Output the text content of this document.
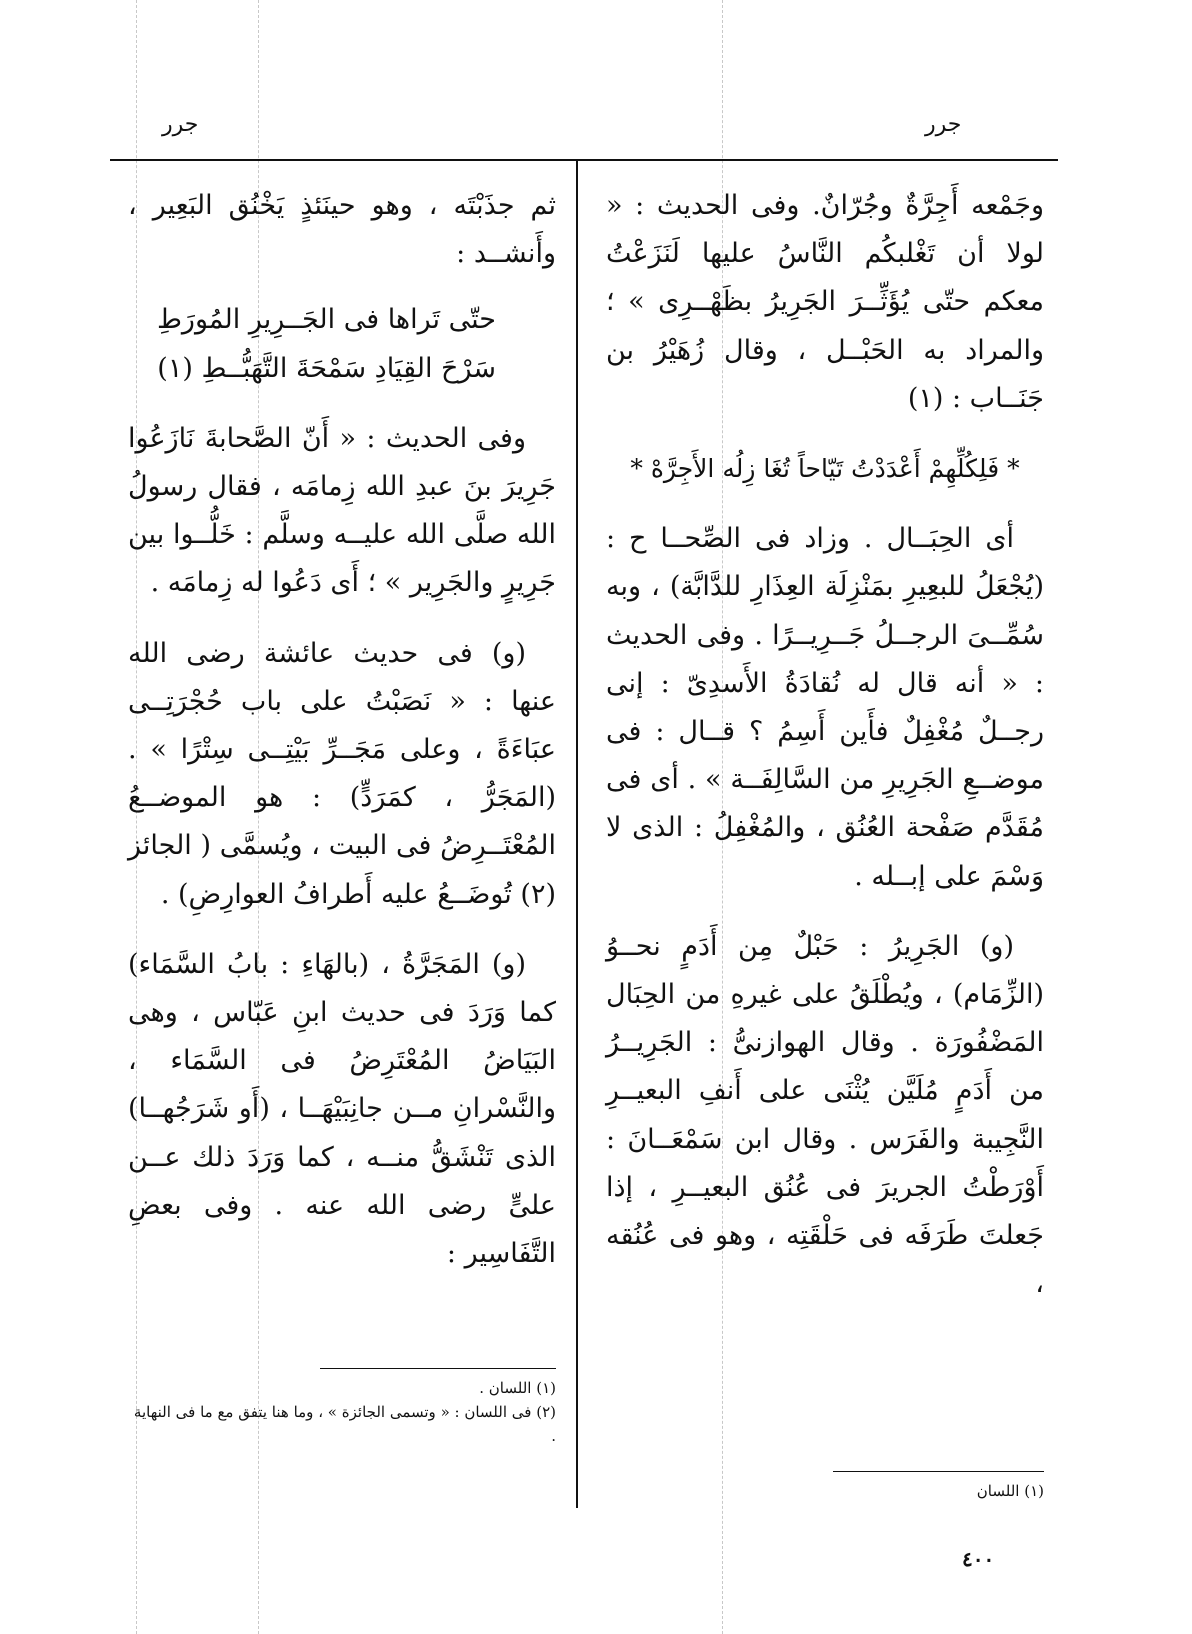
جرر
جرر

وجَمْعه أَجِرَّةٌ وجُرّانٌ. وفى الحديث : « لولا أن تَغْلبكُم النَّاسُ عليها لَنَزَعْتُ معكم حتّى يُؤَثِّــرَ الجَرِيرُ بظَهْــرِى » ؛ والمراد به الحَبْــل ، وقال زُهَيْرُ بن جَنَــاب : (١)

* فَلِكُلِّهِمْ أَعْدَدْتُ تَيّاحاً تُغَا زِلُه الأَجِرَّهْ *

أى الحِبَــال . وزاد فى الصِّحــا ح : (يُجْعَلُ للبعِيرِ بمَنْزِلَة العِذَارِ للدَّابَّة) ، وبه سُمِّــىَ الرجــلُ جَــرِيــرًا . وفى الحديث : « أنه قال له نُقادَةُ الأَسدِىّ : إنى رجــلٌ مُغْفِلٌ فأَين أَسِمُ ؟ قــال : فى موضــعِ الجَرِيرِ من السَّالِفَــة » . أى فى مُقَدَّم صَفْحة العُنُق ، والمُغْفِلُ : الذى لا وَسْمَ على إبــله .

(و) الجَرِيرُ : حَبْلٌ مِن أَدَمٍ نحــوُ (الزِّمَام) ، ويُطْلَقُ على غيرهِ من الحِبَال المَضْفُورَة . وقال الهوازنىُّ : الجَرِيــرُ من أَدَمٍ مُلَيَّن يُثْنَى على أَنفِ البعيــرِ النَّجِيبة والفَرَس . وقال ابن سَمْعَــانَ : أَوْرَطْتُ الجريرَ فى عُنُق البعيــرِ ، إذا جَعلتَ طَرَفَه فى حَلْقَتِه ، وهو فى عُنُقه ،

(١) اللسان

ثم جذَبْتَه ، وهو حينَئذٍ يَخْنُق البَعِير ، وأَنشــد :

حتّى تَراها فى الجَــرِيرِ المُورَطِ

سَرْحَ القِيَادِ سَمْحَةَ التَّهَبُّــطِ (١)

وفى الحديث : « أَنّ الصَّحابةَ نَازَعُوا جَرِيرَ بنَ عبدِ الله زِمامَه ، فقال رسولُ الله صلَّى الله عليــه وسلَّم : خَلُّــوا بين جَرِيرٍ والجَرِير » ؛ أَى دَعُوا له زِمامَه .

(و) فى حديث عائشة رضى الله عنها : « نَصَبْتُ على باب حُجْرَتِــى عبَاءَةً ، وعلى مَجَــرِّ بَيْتِــى سِتْرًا » . (المَجَرُّ ، كمَرَدٍّ) : هو الموضــعُ المُعْتَــرِضُ فى البيت ، ويُسمَّى ( الجائز (٢) تُوضَــعُ عليه أَطرافُ العوارِضِ) .

(و) المَجَرَّةُ ، (بالهَاءِ : بابُ السَّمَاء) كما وَرَدَ فى حديث ابنِ عَبّاس ، وهى البَيَاضُ المُعْتَرِضُ فى السَّمَاء ، والنَّسْرانِ مــن جانِبَيْهَــا ، (أَو شَرَجُهــا) الذى تَنْشَقُّ منــه ، كما وَرَدَ ذلك عــن علىٍّ رضى الله عنه . وفى بعضِ التَّفَاسِير :

(١) اللسان .

(٢) فى اللسان : « وتسمى الجائزة » ، وما هنا يتفق مع ما فى النهاية .

٤٠٠
